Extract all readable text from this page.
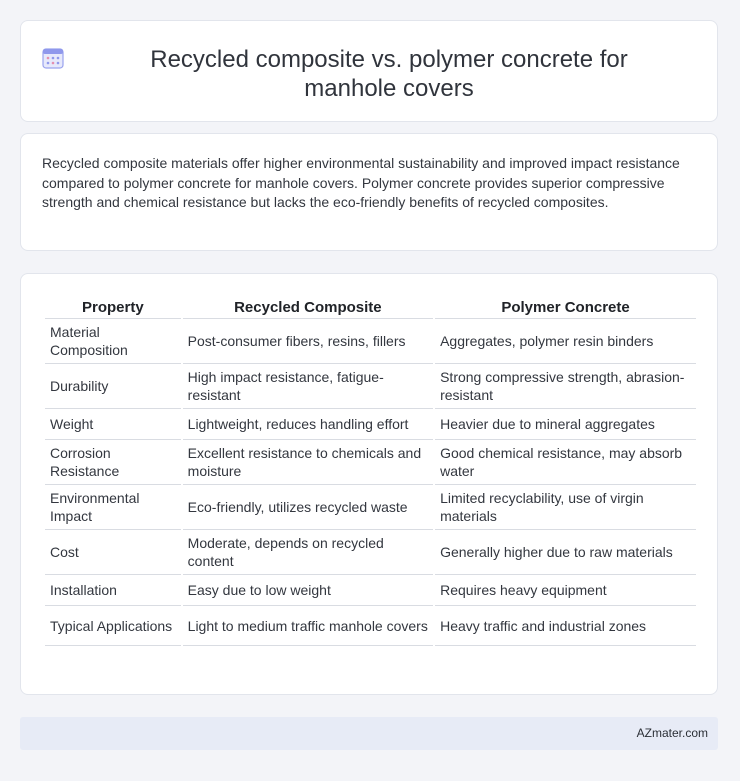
Recycled composite vs. polymer concrete for manhole covers

Recycled composite materials offer higher environmental sustainability and improved impact resistance compared to polymer concrete for manhole covers. Polymer concrete provides superior compressive strength and chemical resistance but lacks the eco-friendly benefits of recycled composites.

Property	Recycled Composite	Polymer Concrete
Material Composition	Post-consumer fibers, resins, fillers	Aggregates, polymer resin binders
Durability	High impact resistance, fatigue-resistant	Strong compressive strength, abrasion-resistant
Weight	Lightweight, reduces handling effort	Heavier due to mineral aggregates
Corrosion Resistance	Excellent resistance to chemicals and moisture	Good chemical resistance, may absorb water
Environmental Impact	Eco-friendly, utilizes recycled waste	Limited recyclability, use of virgin materials
Cost	Moderate, depends on recycled content	Generally higher due to raw materials
Installation	Easy due to low weight	Requires heavy equipment
Typical Applications	Light to medium traffic manhole covers	Heavy traffic and industrial zones
AZmater.com
